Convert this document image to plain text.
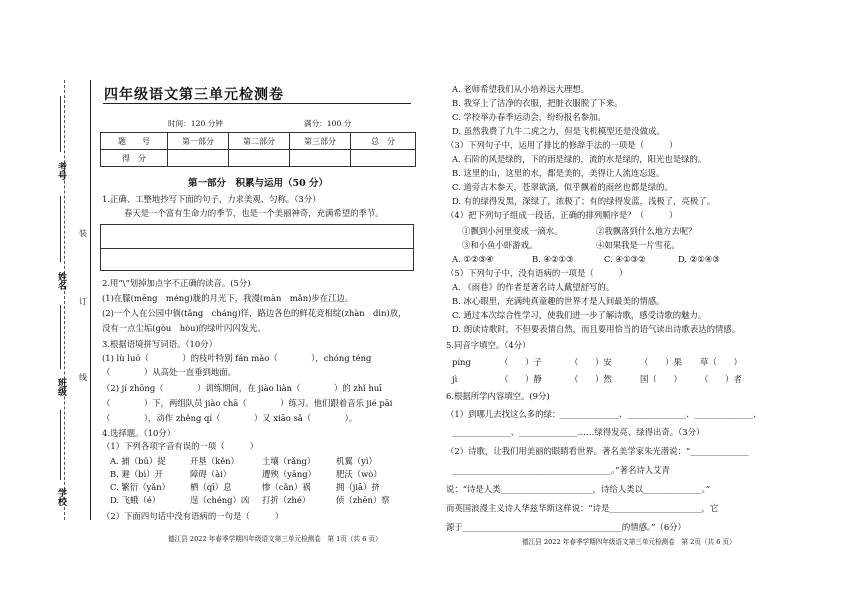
考号
姓名
班级
学校
装
订
线
四年级语文第三单元检测卷
时间：120 分钟	满分：100 分
题　　号	第一部分	第二部分	第三部分	总　分
得　分				
第一部分　积累与运用（50 分）
1.正确、工整地抄写下面的句子，力求美观、匀称。（3分）
春天是一个富有生命力的季节，也是一个美丽神奇，充满希望的季节。
2.用“\”划掉加点字不正确的读音。(5分)
(1)在朦(mēng　méng)胧的月光下，我漫(màn　mǎn)步在江边。
(2)一个人在公园中徜(tǎng　cháng)徉，路边各色的鲜花竞相绽(zhàn　dìn)放，
没有一点尘垢(gòu　hòu)的绿叶闪闪发光。
3.根据语境拼写词语。（10分）
(1) lù luó（　　　　）的枝叶特别 fán mào（　　　　），chóng téng
（　　　　）从高处一直垂到地面。
（2) jí zhōng（　　　　）训练期间，在 jiào liàn（　　　　）的 zhǐ huī
（　　　　）下，两组队员 jiào chā（　　　　）练习。他们跟着音乐 jié pāi
（　　　　），动作 zhěng qí（　　　　）又 xiāo sǎ（　　　　）。
4.选择题。（10分）
（1）下列各项字音有误的一项（　　　）
A. 捕（bǔ）捉	开垦（kěn）	土壤（rǎng） 机翼（yì）
B. 避（bì）开	障碍（ài）	遭殃（yāng） 肥沃（wò）
C. 繁衍（yǎn） 栖（qī）息	惨（cǎn）祸	拥（jiā）挤
D. 飞蛾（é）	逞（chéng）凶 打折（zhé）	侦（zhēn）察
（2）下面四句话中没有语病的一句是（　　　）
德江县 2022 年春季学期四年级语文第三单元检测卷　第 1页（共 6 页）
A. 老师希望我们从小培养远大理想。
B. 我穿上了洁净的衣服，把脏衣服脱了下来。
C. 学校举办春季运动会，纷纷报名参加。
D. 虽然我费了九牛二虎之力，但是飞机模型还是没做成。
（3）下列句子中，运用了排比的修辞手法的一项是（　　　）
A. 石阶的风是绿的，下的雨是绿的，流的水是绿的，阳光也是绿的。
B. 这里的山，这里的水，都是美的，美得让人流连忘返。
C. 道旁古木参天，苍翠欲滴，似乎飘着的雨丝也都是绿的。
D. 有的绿得发黑，深绿了，浓极了；有的绿得发蓝，浅极了，亮极了。
（4）把下列句子组成一段话，正确的排列顺序是？（　　　）
①飘到小河里变成一滴水。	②我飘落到什么地方去呢？
③和小鱼小虾游戏。	④如果我是一片雪花。
A. ①②③④	B. ④②①③	C. ④①③②	D. ②①④③
（5）下列句子中，没有语病的一项是（　　　）
A. 《雨巷》的作者是著名诗人戴望舒写的。
B. 冰心眼里，充满纯真童趣的世界才是人间最美的情感。
C. 通过本次综合性学习，使我们进一步了解诗歌，感受诗歌的魅力。
D. 朗读诗歌时，不但要表情自然，而且要用恰当的语气读出诗歌表达的情感。
5.同音字填空。（4分）
píng	（　　）子	（　　）安	（　　）果 草（　　）
jì	（　　）静	（　　）然	国（　　） （　　）者
6.根据所学内容填空。(9分)
（1）到哪儿去找这么多的绿：______________、______________、______________、
______________、______________……绿得发亮、绿得出奇。（3分）
（2）诗歌，让我们用美丽的眼睛看世界。著名美学家朱光潜说：“______________
______________________________________。”著名诗人艾青
说：“诗是人类______________________，诗给人类以______________。”
而英国浪漫主义诗人华兹华斯这样说：“诗是______________________，它
源于______________________________________的情感。”（6分）
德江县 2022 年春季学期四年级语文第三单元检测卷　第 2页（共 6 页）
